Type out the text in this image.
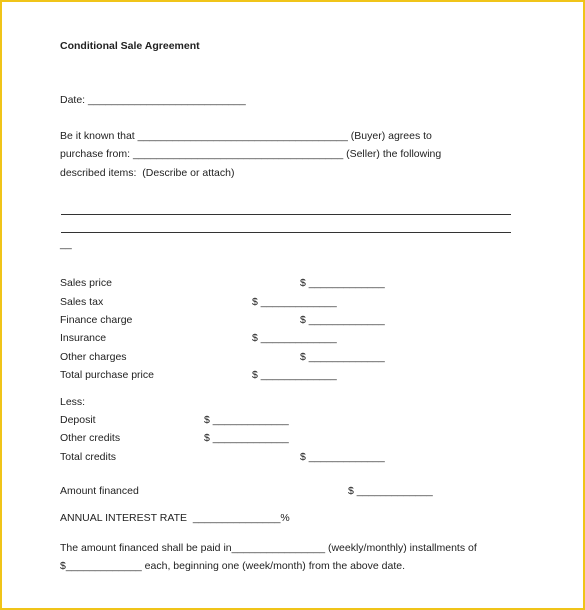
Conditional Sale Agreement
Date: ___________________________
Be it known that ____________________________________ (Buyer) agrees to
purchase from: ____________________________________ (Seller) the following
described items:  (Describe or attach)
__
Sales price	$ _____________
Sales tax	$ _____________
Finance charge	$ _____________
Insurance	$ _____________
Other charges	$ _____________
Total purchase price	$ _____________
Less:
Deposit	$ _____________
Other credits	$ _____________
Total credits	$ _____________
Amount financed	$ _____________
ANNUAL INTEREST RATE  _______________%
The amount financed shall be paid in________________ (weekly/monthly) installments of
$_____________ each, beginning one (week/month) from the above date.
